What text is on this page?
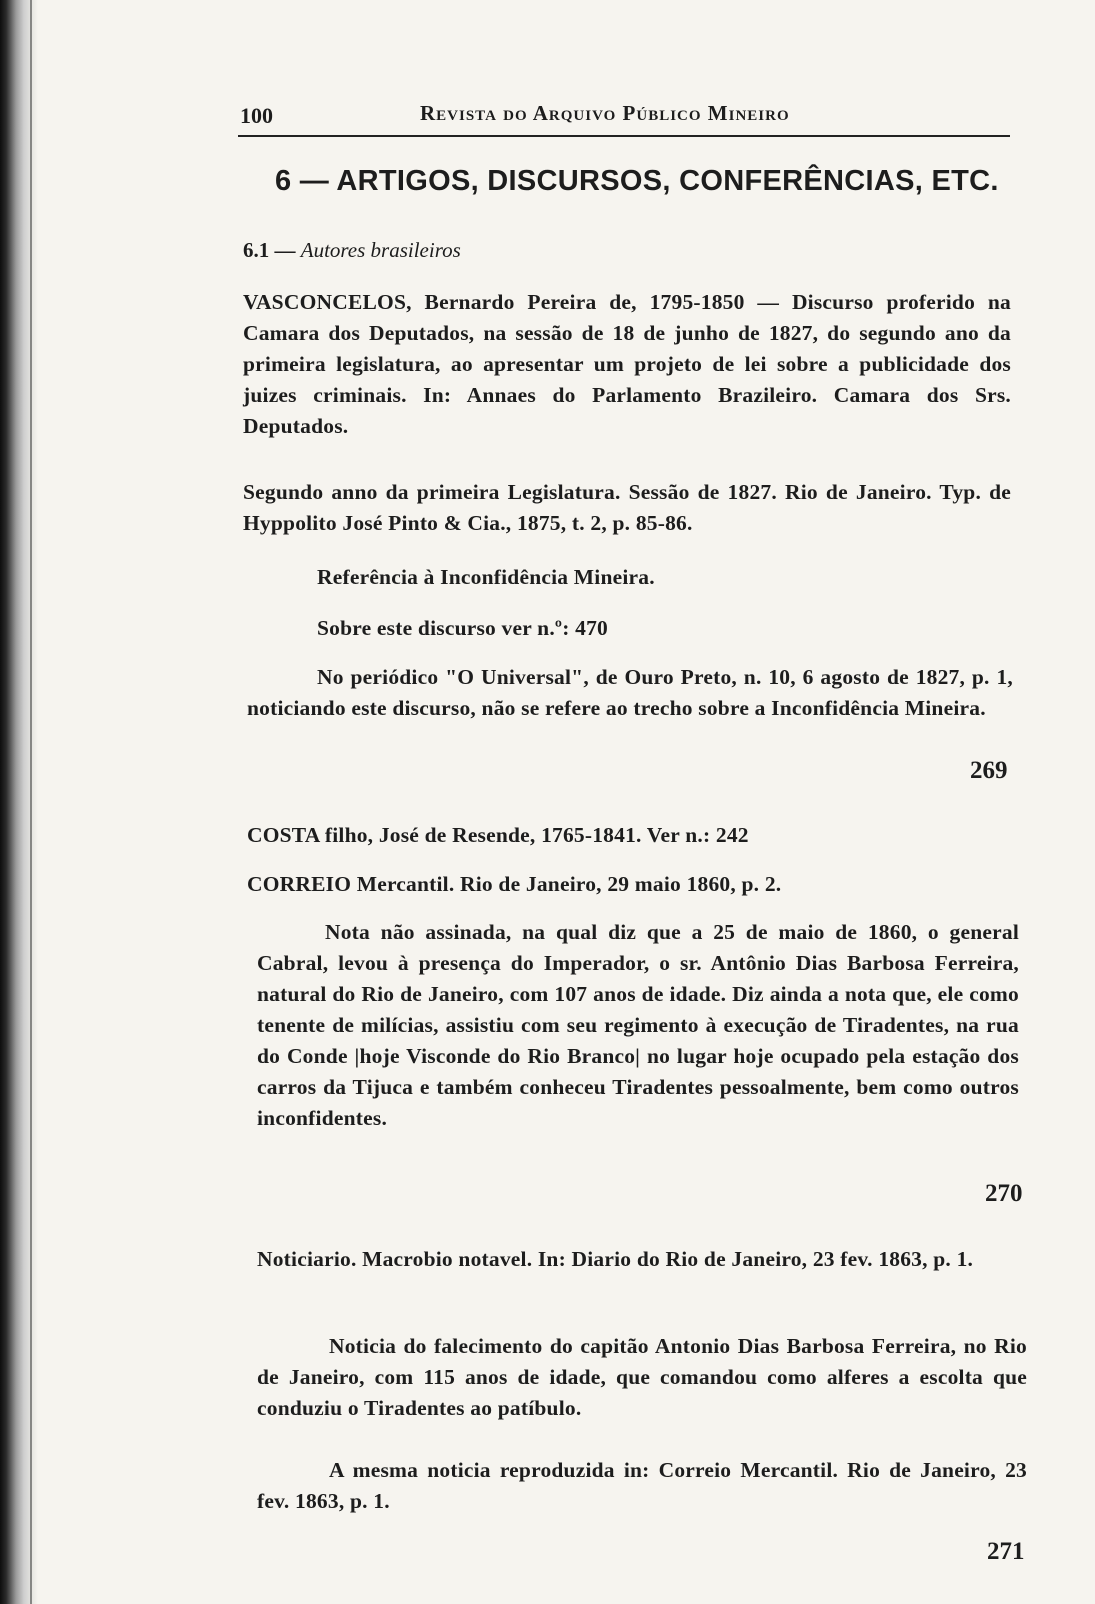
100	Revista do Arquivo Público Mineiro
6 — ARTIGOS, DISCURSOS, CONFERÊNCIAS, ETC.
6.1 — Autores brasileiros
VASCONCELOS, Bernardo Pereira de, 1795-1850 — Discurso proferido na Camara dos Deputados, na sessão de 18 de junho de 1827, do segundo ano da primeira legislatura, ao apresentar um projeto de lei sobre a publicidade dos juizes criminais. In: Annaes do Parlamento Brazileiro. Camara dos Srs. Deputados.
Segundo anno da primeira Legislatura. Sessão de 1827. Rio de Janeiro. Typ. de Hyppolito José Pinto & Cia., 1875, t. 2, p. 85-86.
Referência à Inconfidência Mineira.
Sobre este discurso ver n.º: 470
No periódico "O Universal", de Ouro Preto, n. 10, 6 agosto de 1827, p. 1, noticiando este discurso, não se refere ao trecho sobre a Inconfidência Mineira.
269
COSTA filho, José de Resende, 1765-1841. Ver n.: 242
CORREIO Mercantil. Rio de Janeiro, 29 maio 1860, p. 2.
Nota não assinada, na qual diz que a 25 de maio de 1860, o general Cabral, levou à presença do Imperador, o sr. Antônio Dias Barbosa Ferreira, natural do Rio de Janeiro, com 107 anos de idade. Diz ainda a nota que, ele como tenente de milícias, assistiu com seu regimento à execução de Tiradentes, na rua do Conde |hoje Visconde do Rio Branco| no lugar hoje ocupado pela estação dos carros da Tijuca e também conheceu Tiradentes pessoalmente, bem como outros inconfidentes.
270
Noticiario. Macrobio notavel. In: Diario do Rio de Janeiro, 23 fev. 1863, p. 1.
Noticia do falecimento do capitão Antonio Dias Barbosa Ferreira, no Rio de Janeiro, com 115 anos de idade, que comandou como alferes a escolta que conduziu o Tiradentes ao patíbulo.
A mesma noticia reproduzida in: Correio Mercantil. Rio de Janeiro, 23 fev. 1863, p. 1.
271
